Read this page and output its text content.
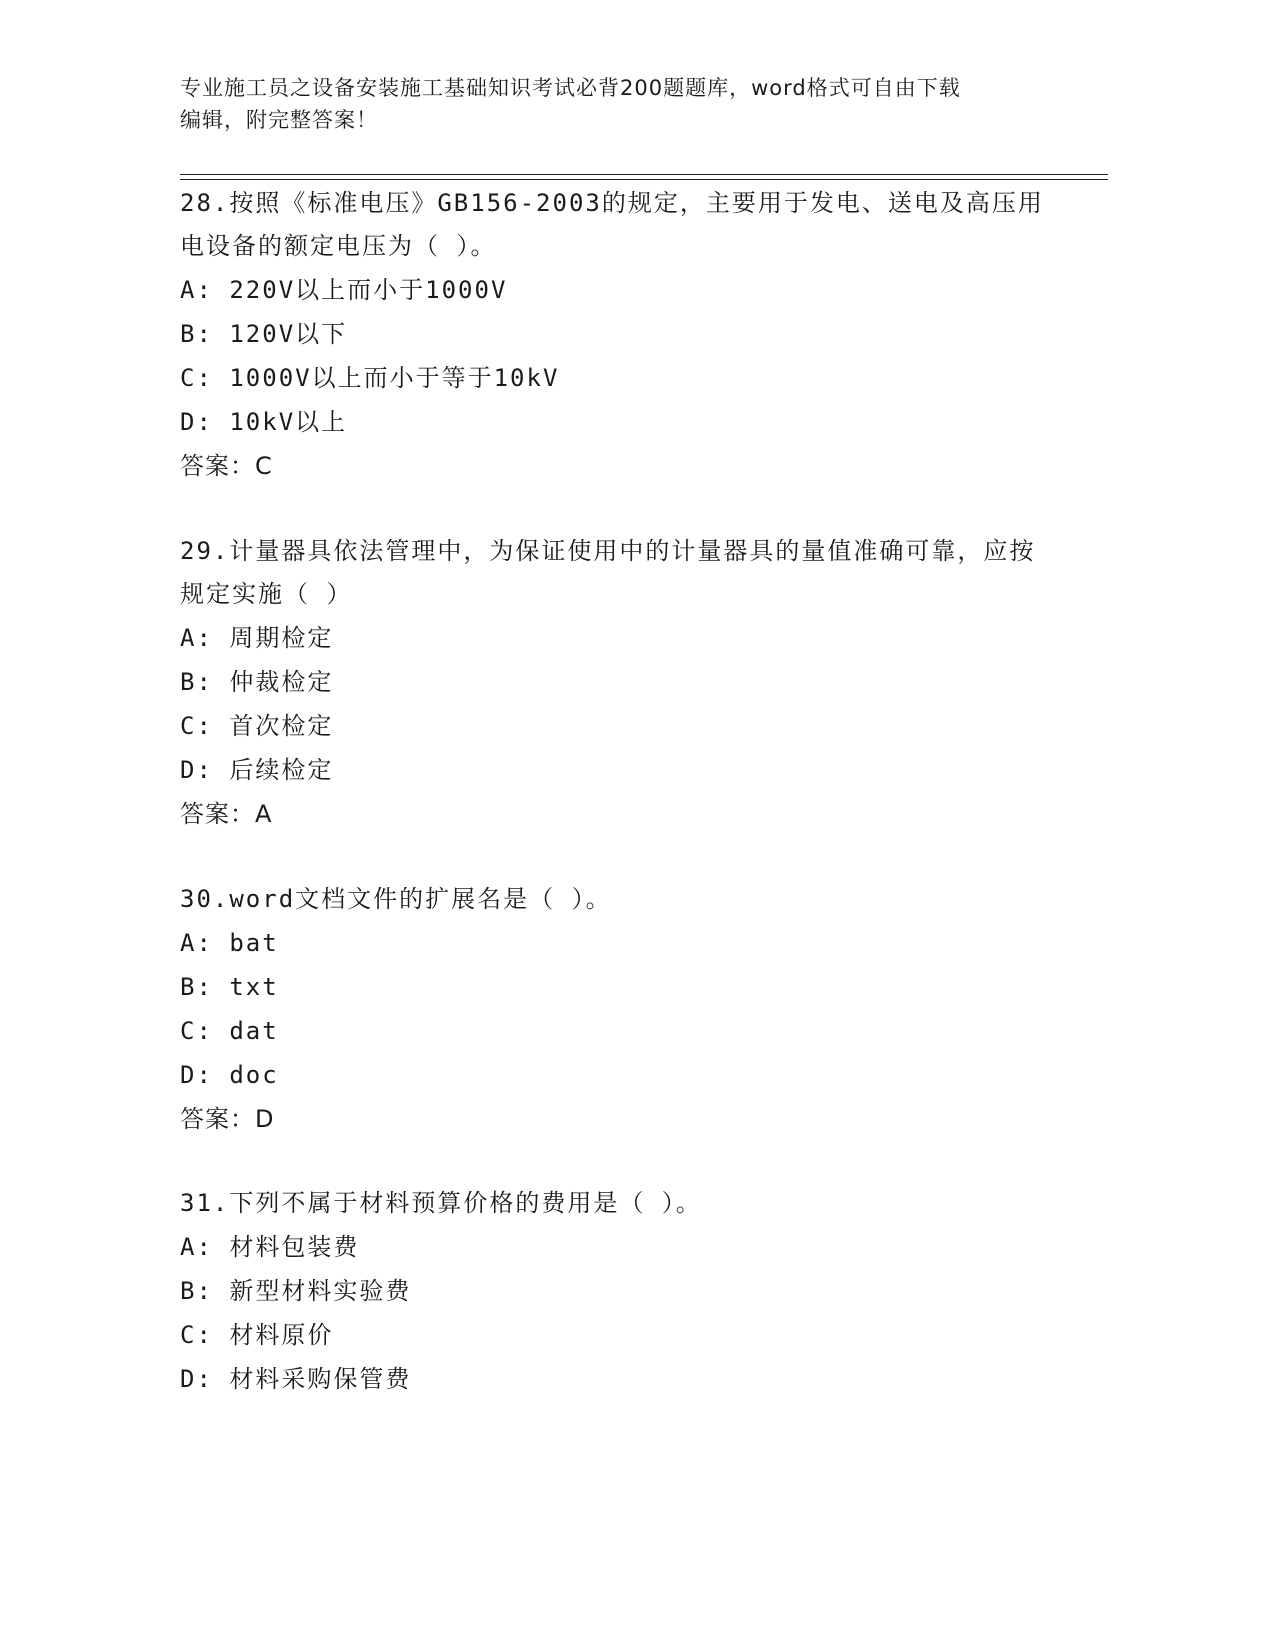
专业施工员之设备安装施工基础知识考试必背200题题库，word格式可自由下载
编辑，附完整答案！
28.按照《标准电压》GB156-2003的规定，主要用于发电、送电及高压用电设备的额定电压为（ ）。
A: 220V以上而小于1000V
B: 120V以下
C: 1000V以上而小于等于10kV
D: 10kV以上
答案：C
29.计量器具依法管理中，为保证使用中的计量器具的量值准确可靠，应按规定实施（ ）
A: 周期检定
B: 仲裁检定
C: 首次检定
D: 后续检定
答案：A
30.word文档文件的扩展名是（ ）。
A: bat
B: txt
C: dat
D: doc
答案：D
31.下列不属于材料预算价格的费用是（ ）。
A: 材料包装费
B: 新型材料实验费
C: 材料原价
D: 材料采购保管费
